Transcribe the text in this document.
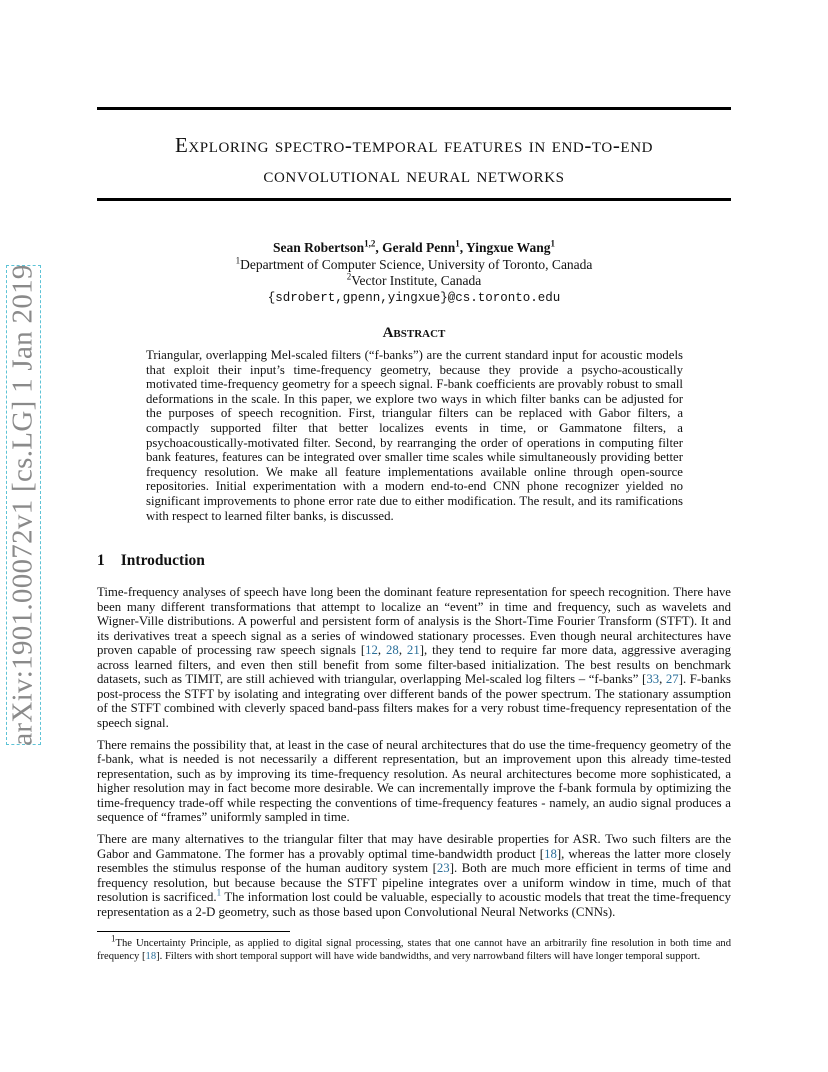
arXiv:1901.00072v1 [cs.LG] 1 Jan 2019
Exploring spectro-temporal features in end-to-end
convolutional neural networks
Sean Robertson$^{1,2}$, Gerald Penn$^1$, Yingxue Wang$^1$
$^1$Department of Computer Science, University of Toronto, Canada
$^2$Vector Institute, Canada
{sdrobert,gpenn,yingxue}@cs.toronto.edu
Abstract
Triangular, overlapping Mel-scaled filters (“f-banks”) are the current standard input for acoustic models that exploit their input’s time-frequency geometry, because they provide a psycho-acoustically motivated time-frequency geometry for a speech signal. F-bank coefficients are provably robust to small deformations in the scale. In this paper, we explore two ways in which filter banks can be adjusted for the purposes of speech recognition. First, triangular filters can be replaced with Gabor filters, a compactly supported filter that better localizes events in time, or Gammatone filters, a psychoacoustically-motivated filter. Second, by rearranging the order of operations in computing filter bank features, features can be integrated over smaller time scales while simultaneously providing better frequency resolution. We make all feature implementations available online through open-source repositories. Initial experimentation with a modern end-to-end CNN phone recognizer yielded no significant improvements to phone error rate due to either modification. The result, and its ramifications with respect to learned filter banks, is discussed.
1 Introduction

Time-frequency analyses of speech have long been the dominant feature representation for speech recognition. There have been many different transformations that attempt to localize an “event” in time and frequency, such as wavelets and Wigner-Ville distributions. A powerful and persistent form of analysis is the Short-Time Fourier Transform (STFT). It and its derivatives treat a speech signal as a series of windowed stationary processes. Even though neural architectures have proven capable of processing raw speech signals [12, 28, 21], they tend to require far more data, aggressive averaging across learned filters, and even then still benefit from some filter-based initialization. The best results on benchmark datasets, such as TIMIT, are still achieved with triangular, overlapping Mel-scaled log filters – “f-banks” [33, 27]. F-banks post-process the STFT by isolating and integrating over different bands of the power spectrum. The stationary assumption of the STFT combined with cleverly spaced band-pass filters makes for a very robust time-frequency representation of the speech signal.

There remains the possibility that, at least in the case of neural architectures that do use the time-frequency geometry of the f-bank, what is needed is not necessarily a different representation, but an improvement upon this already time-tested representation, such as by improving its time-frequency resolution. As neural architectures become more sophisticated, a higher resolution may in fact become more desirable. We can incrementally improve the f-bank formula by optimizing the time-frequency trade-off while respecting the conventions of time-frequency features - namely, an audio signal produces a sequence of “frames” uniformly sampled in time.

There are many alternatives to the triangular filter that may have desirable properties for ASR. Two such filters are the Gabor and Gammatone. The former has a provably optimal time-bandwidth product [18], whereas the latter more closely resembles the stimulus response of the human auditory system [23]. Both are much more efficient in terms of time and frequency resolution, but because because the STFT pipeline integrates over a uniform window in time, much of that resolution is sacrificed.$^1$ The information lost could be valuable, especially to acoustic models that treat the time-frequency representation as a 2-D geometry, such as those based upon Convolutional Neural Networks (CNNs).

$^1$The Uncertainty Principle, as applied to digital signal processing, states that one cannot have an arbitrarily fine resolution in both time and frequency [18]. Filters with short temporal support will have wide bandwidths, and very narrowband filters will have longer temporal support.
